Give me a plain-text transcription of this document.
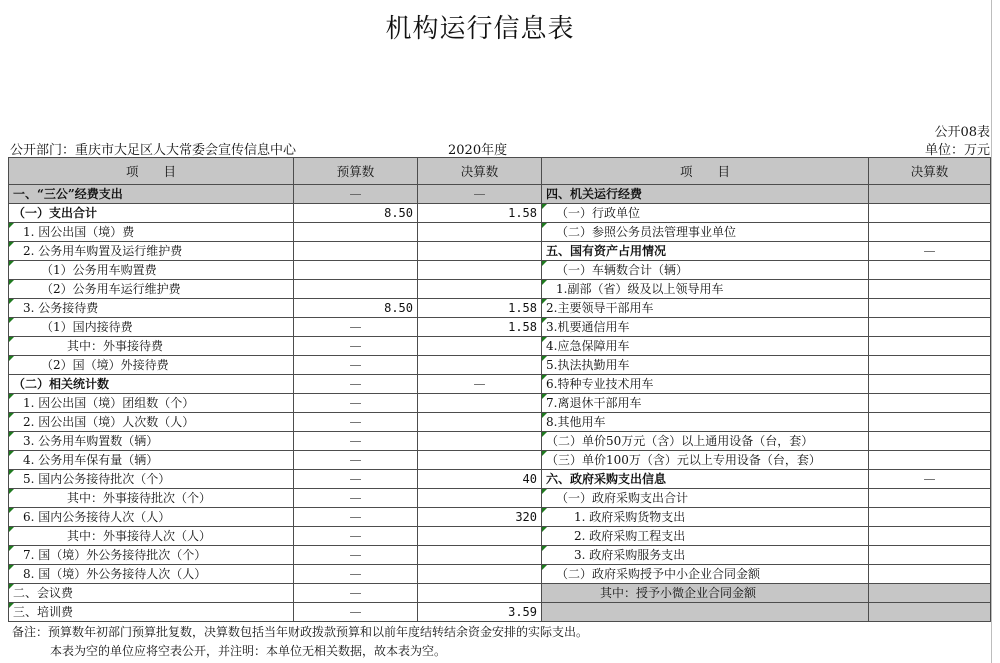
机构运行信息表
公开08表
公开部门：重庆市大足区人大常委会宣传信息中心	2020年度	单位：万元
项　　目	预算数	决算数	项　　目	决算数
一、“三公”经费支出	—	—	四、机关运行经费	
（一）支出合计	8.50	1.58	（一）行政单位	
1. 因公出国（境）费			（二）参照公务员法管理事业单位	
2. 公务用车购置及运行维护费			五、国有资产占用情况	—
（1）公务用车购置费			（一）车辆数合计（辆）	
（2）公务用车运行维护费			1.副部（省）级及以上领导用车	
3. 公务接待费	8.50	1.58	2.主要领导干部用车	
（1）国内接待费	—	1.58	3.机要通信用车	
其中：外事接待费	—		4.应急保障用车	
（2）国（境）外接待费	—		5.执法执勤用车	
（二）相关统计数	—	—	6.特种专业技术用车	
1. 因公出国（境）团组数（个）	—		7.离退休干部用车	
2. 因公出国（境）人次数（人）	—		8.其他用车	
3. 公务用车购置数（辆）	—		（二）单价50万元（含）以上通用设备（台，套）	
4. 公务用车保有量（辆）	—		（三）单价100万（含）元以上专用设备（台，套）	
5. 国内公务接待批次（个）	—	40	六、政府采购支出信息	—
其中：外事接待批次（个）	—		（一）政府采购支出合计	
6. 国内公务接待人次（人）	—	320	1. 政府采购货物支出	
其中：外事接待人次（人）	—		2. 政府采购工程支出	
7. 国（境）外公务接待批次（个）	—		3. 政府采购服务支出	
8. 国（境）外公务接待人次（人）	—		（二）政府采购授予中小企业合同金额	
二、会议费	—		其中：授予小微企业合同金额	
三、培训费	—	3.59		
备注：预算数年初部门预算批复数，决算数包括当年财政拨款预算和以前年度结转结余资金安排的实际支出。
本表为空的单位应将空表公开，并注明：本单位无相关数据，故本表为空。
